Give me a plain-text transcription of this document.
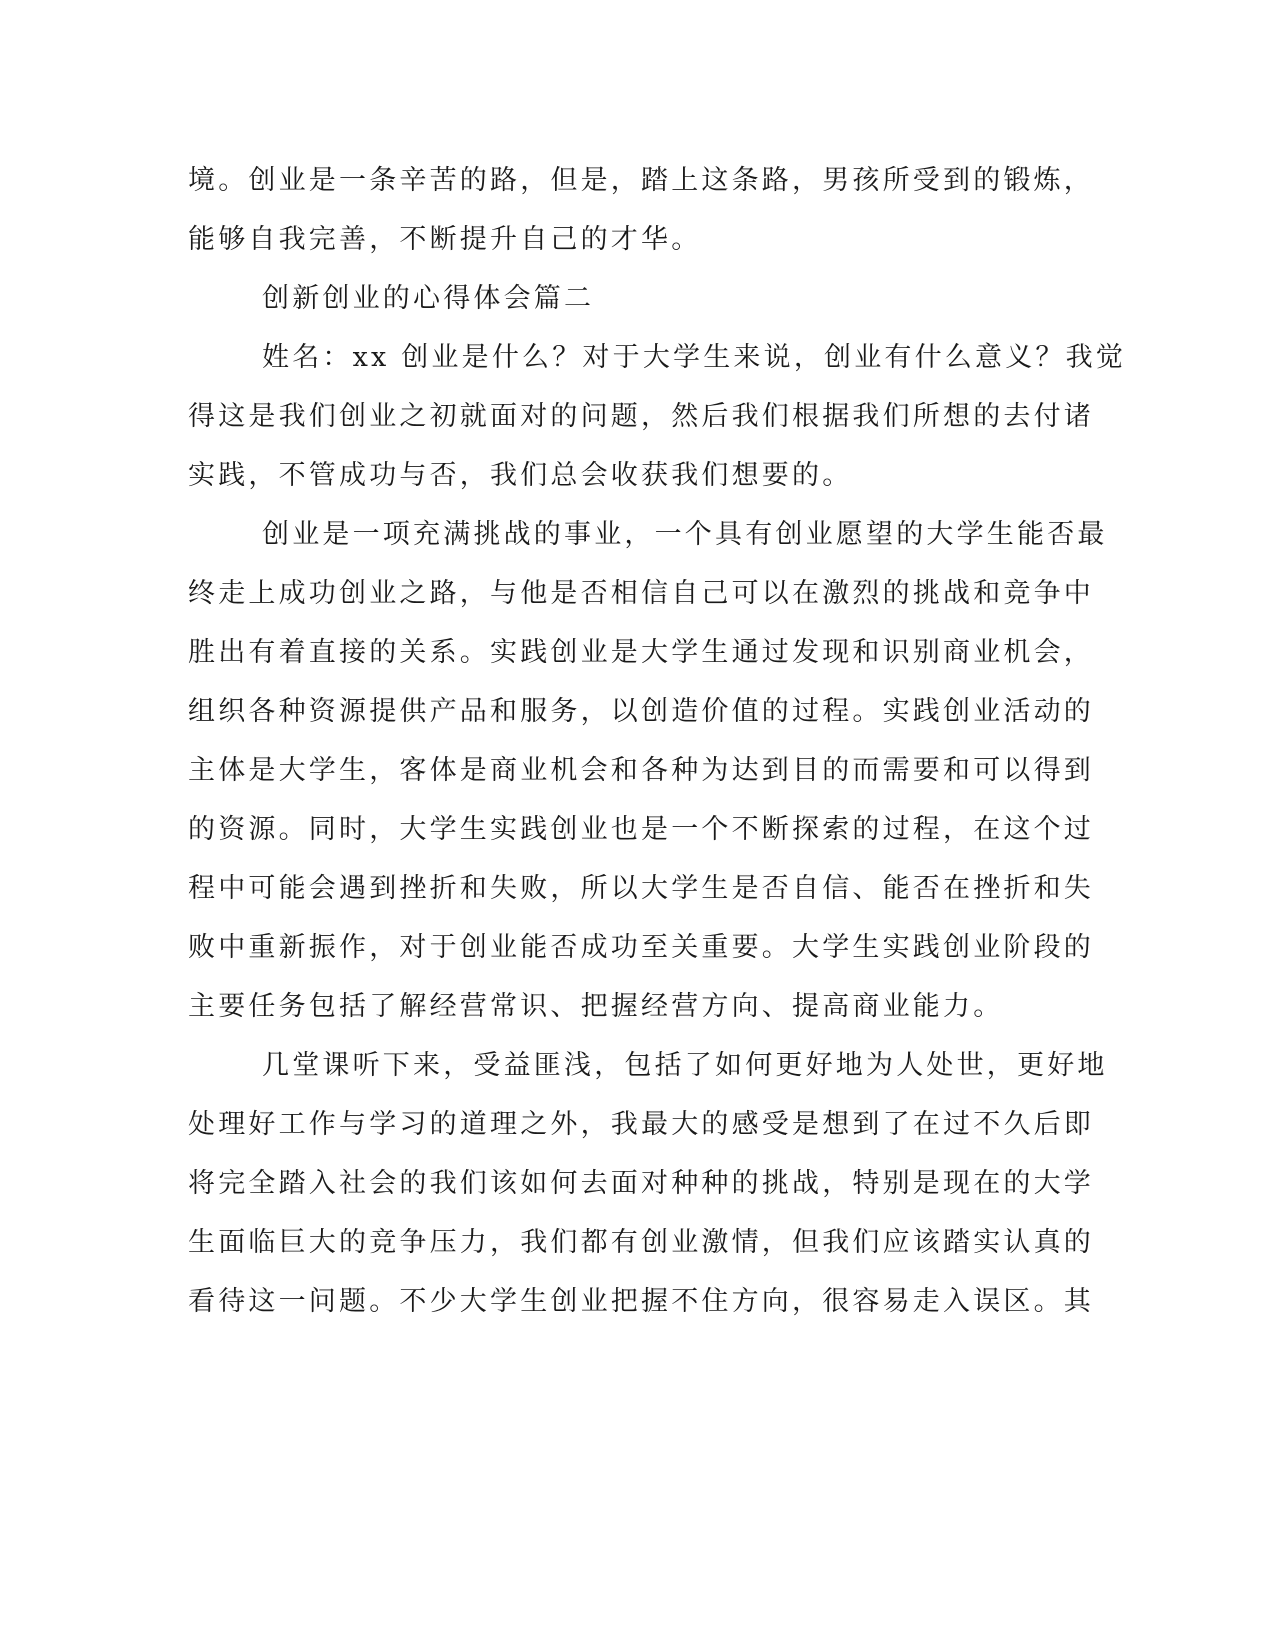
境。创业是一条辛苦的路，但是，踏上这条路，男孩所受到的锻炼，
能够自我完善，不断提升自己的才华。
创新创业的心得体会篇二
姓名：xx 创业是什么？对于大学生来说，创业有什么意义？我觉
得这是我们创业之初就面对的问题，然后我们根据我们所想的去付诸
实践，不管成功与否，我们总会收获我们想要的。
创业是一项充满挑战的事业，一个具有创业愿望的大学生能否最
终走上成功创业之路，与他是否相信自己可以在激烈的挑战和竞争中
胜出有着直接的关系。实践创业是大学生通过发现和识别商业机会，
组织各种资源提供产品和服务，以创造价值的过程。实践创业活动的
主体是大学生，客体是商业机会和各种为达到目的而需要和可以得到
的资源。同时，大学生实践创业也是一个不断探索的过程，在这个过
程中可能会遇到挫折和失败，所以大学生是否自信、能否在挫折和失
败中重新振作，对于创业能否成功至关重要。大学生实践创业阶段的
主要任务包括了解经营常识、把握经营方向、提高商业能力。
几堂课听下来，受益匪浅，包括了如何更好地为人处世，更好地
处理好工作与学习的道理之外，我最大的感受是想到了在过不久后即
将完全踏入社会的我们该如何去面对种种的挑战，特别是现在的大学
生面临巨大的竞争压力，我们都有创业激情，但我们应该踏实认真的
看待这一问题。不少大学生创业把握不住方向，很容易走入误区。其
